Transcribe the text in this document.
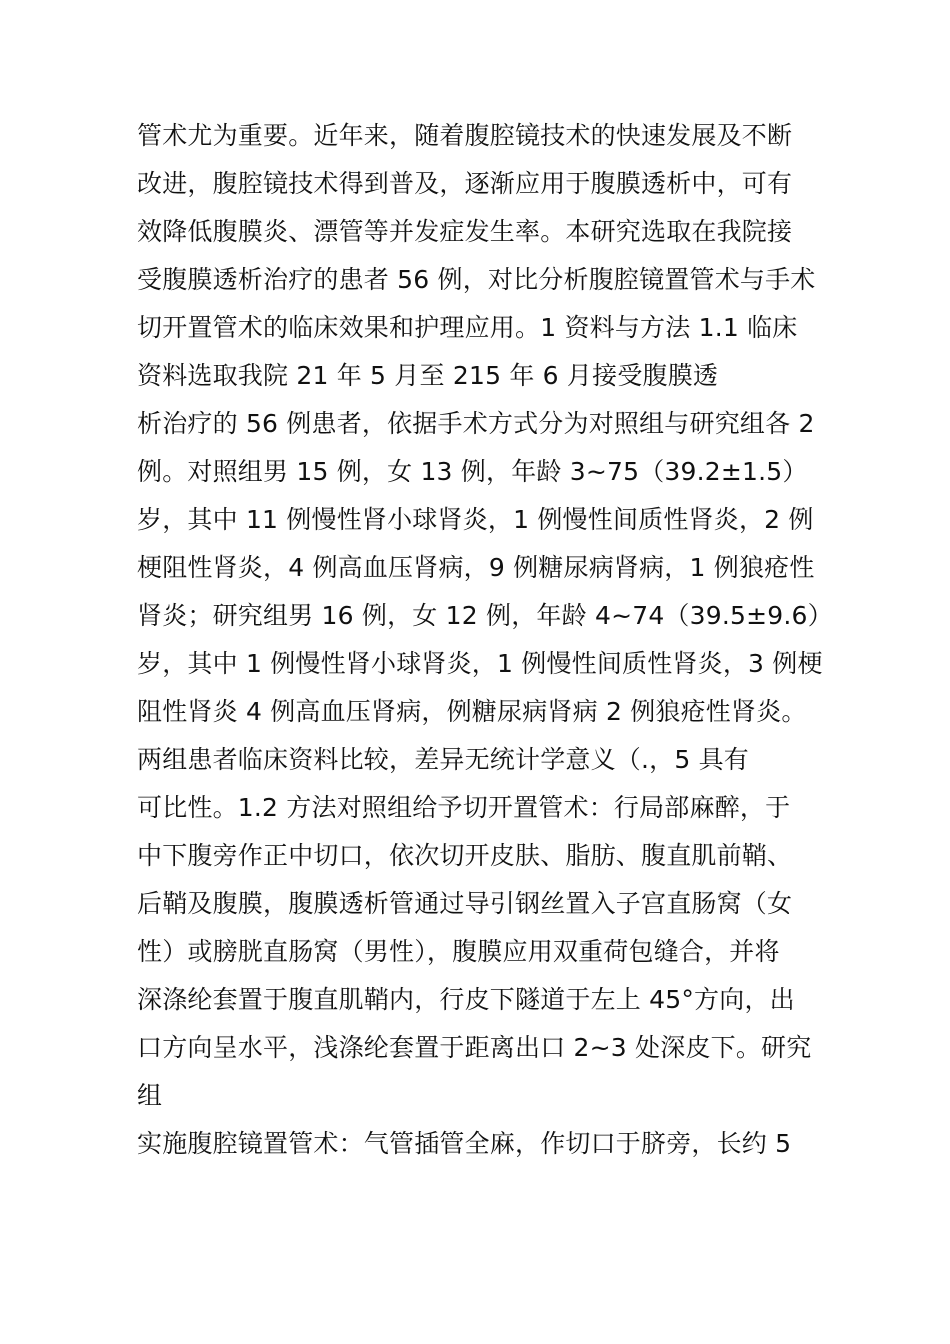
管术尤为重要。近年来，随着腹腔镜技术的快速发展及不断
改进，腹腔镜技术得到普及，逐渐应用于腹膜透析中，可有
效降低腹膜炎、漂管等并发症发生率。本研究选取在我院接
受腹膜透析治疗的患者 56 例，对比分析腹腔镜置管术与手术
切开置管术的临床效果和护理应用。1 资料与方法 1.1 临床
资料选取我院 21 年 5 月至 215 年 6 月接受腹膜透
析治疗的 56 例患者，依据手术方式分为对照组与研究组各 2
例。对照组男 15 例，女 13 例，年龄 3~75（39.2±1.5）
岁，其中 11 例慢性肾小球肾炎，1 例慢性间质性肾炎，2 例
梗阻性肾炎，4 例高血压肾病，9 例糖尿病肾病，1 例狼疮性
肾炎；研究组男 16 例，女 12 例，年龄 4~74（39.5±9.6）
岁，其中 1 例慢性肾小球肾炎，1 例慢性间质性肾炎，3 例梗
阻性肾炎 4 例高血压肾病，例糖尿病肾病 2 例狼疮性肾炎。
两组患者临床资料比较，差异无统计学意义（.，5 具有
可比性。1.2 方法对照组给予切开置管术：行局部麻醉，于
中下腹旁作正中切口，依次切开皮肤、脂肪、腹直肌前鞘、
后鞘及腹膜，腹膜透析管通过导引钢丝置入子宫直肠窝（女
性）或膀胱直肠窝（男性），腹膜应用双重荷包缝合，并将
深涤纶套置于腹直肌鞘内，行皮下隧道于左上 45°方向，出
口方向呈水平，浅涤纶套置于距离出口 2~3 处深皮下。研究
组
实施腹腔镜置管术：气管插管全麻，作切口于脐旁，长约 5
